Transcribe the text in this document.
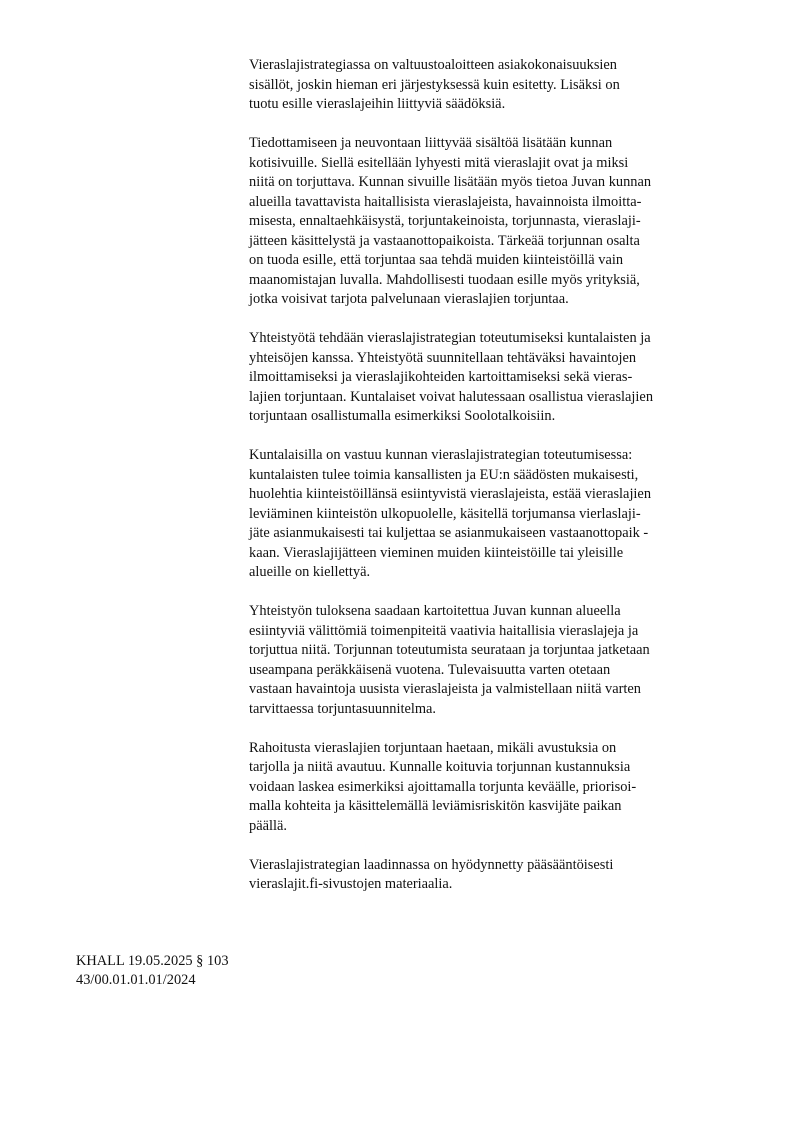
Vieraslajistrategiassa on valtuustoaloitteen asiakokonaisuuksien
sisällöt, joskin hieman eri järjestyksessä kuin esitetty. Lisäksi on
tuotu esille vieraslajeihin liittyviä säädöksiä.
Tiedottamiseen ja neuvontaan liittyvää sisältöä lisätään kunnan
kotisivuille. Siellä esitellään lyhyesti mitä vieraslajit ovat ja miksi
niitä on torjuttava. Kunnan sivuille lisätään myös tietoa Juvan kunnan
alueilla tavattavista haitallisista vieraslajeista, havainnoista ilmoitta-
misesta, ennaltaehkäisystä, torjuntakeinoista, torjunnasta, vieraslaji-
jätteen käsittelystä ja vastaanottopaikoista. Tärkeää torjunnan osalta
on tuoda esille, että torjuntaa saa tehdä muiden kiinteistöillä vain
maanomistajan luvalla. Mahdollisesti tuodaan esille myös yrityksiä,
jotka voisivat tarjota palvelunaan vieraslajien torjuntaa.
Yhteistyötä tehdään vieraslajistrategian toteutumiseksi kuntalaisten ja
yhteisöjen kanssa. Yhteistyötä suunnitellaan tehtäväksi havaintojen
ilmoittamiseksi ja vieraslajikohteiden kartoittamiseksi sekä vieras-
lajien torjuntaan. Kuntalaiset voivat halutessaan osallistua vieraslajien
torjuntaan osallistumalla esimerkiksi Soolotalkoisiin.
Kuntalaisilla on vastuu kunnan vieraslajistrategian toteutumisessa:
kuntalaisten tulee toimia kansallisten ja EU:n säädösten mukaisesti,
huolehtia kiinteistöillänsä esiintyvistä vieraslajeista, estää vieraslajien
leviäminen kiinteistön ulkopuolelle, käsitellä torjumansa vierlaslaji-
jäte asianmukaisesti tai kuljettaa se asianmukaiseen vastaanottopaik -
kaan. Vieraslajijätteen vieminen muiden kiinteistöille tai yleisille
alueille on kiellettyä.
Yhteistyön tuloksena saadaan kartoitettua Juvan kunnan alueella
esiintyviä välittömiä toimenpiteitä vaativia haitallisia vieraslajeja ja
torjuttua niitä. Torjunnan toteutumista seurataan ja torjuntaa jatketaan
useampana peräkkäisenä vuotena. Tulevaisuutta varten otetaan
vastaan havaintoja uusista vieraslajeista ja valmistellaan niitä varten
tarvittaessa torjuntasuunnitelma.
Rahoitusta vieraslajien torjuntaan haetaan, mikäli avustuksia on
tarjolla ja niitä avautuu. Kunnalle koituvia torjunnan kustannuksia
voidaan laskea esimerkiksi ajoittamalla torjunta keväälle, priorisoi-
malla kohteita ja käsittelemällä leviämisriskitön kasvijäte paikan
päällä.
Vieraslajistrategian laadinnassa on hyödynnetty pääsääntöisesti
vieraslajit.fi-sivustojen materiaalia.
KHALL 19.05.2025 § 103
43/00.01.01.01/2024
